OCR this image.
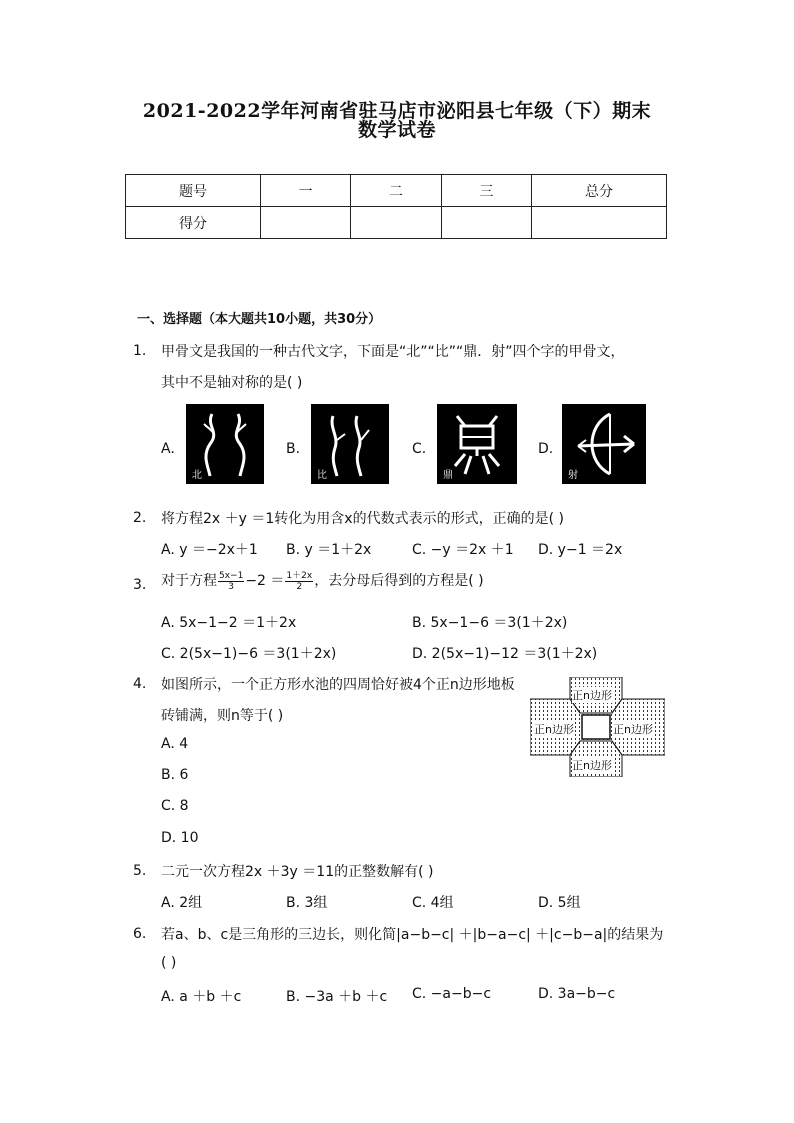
2021-2022学年河南省驻马店市泌阳县七年级（下）期末
数学试卷
题号	一	二	三	总分
得分				
一、选择题（本大题共10小题，共30分）
1. 甲骨文是我国的一种古代文字，下面是“北”“比”“鼎．射”四个字的甲骨文，
其中不是轴对称的是( )
A.
北
B.
比
C.
鼎
D.
射
2. 将方程2x ＋y ＝1转化为用含x的代数式表示的形式，正确的是( )
A. y ＝−2x＋1 B. y ＝1＋2x	C. −y ＝2x ＋1 D. y−1 ＝2x
3. 对于方程 $\frac{5x-1}{3} -2 = \frac{1+2x}{2}$ ，去分母后得到的方程是( )
A. 5x−1−2 ＝1＋2x	B. 5x−1−6 ＝3(1＋2x)
C. 2(5x−1)−6 ＝3(1＋2x)	D. 2(5x−1)−12 ＝3(1＋2x)
4. 如图所示，一个正方形水池的四周恰好被4个正n边形地板
砖铺满，则n等于( )
A. 4
B. 6
C. 8
D. 10
正n边形
正n边形	正n边形
正n边形
5. 二元一次方程2x ＋3y ＝11的正整数解有( )
A. 2组	B. 3组	C. 4组	D. 5组
6. 若a、b、c是三角形的三边长，则化简|a−b−c| ＋|b−a−c| ＋|c−b−a|的结果为
( )
A. a ＋b ＋c	B. −3a ＋b ＋c C. −a−b−c	D. 3a−b−c
